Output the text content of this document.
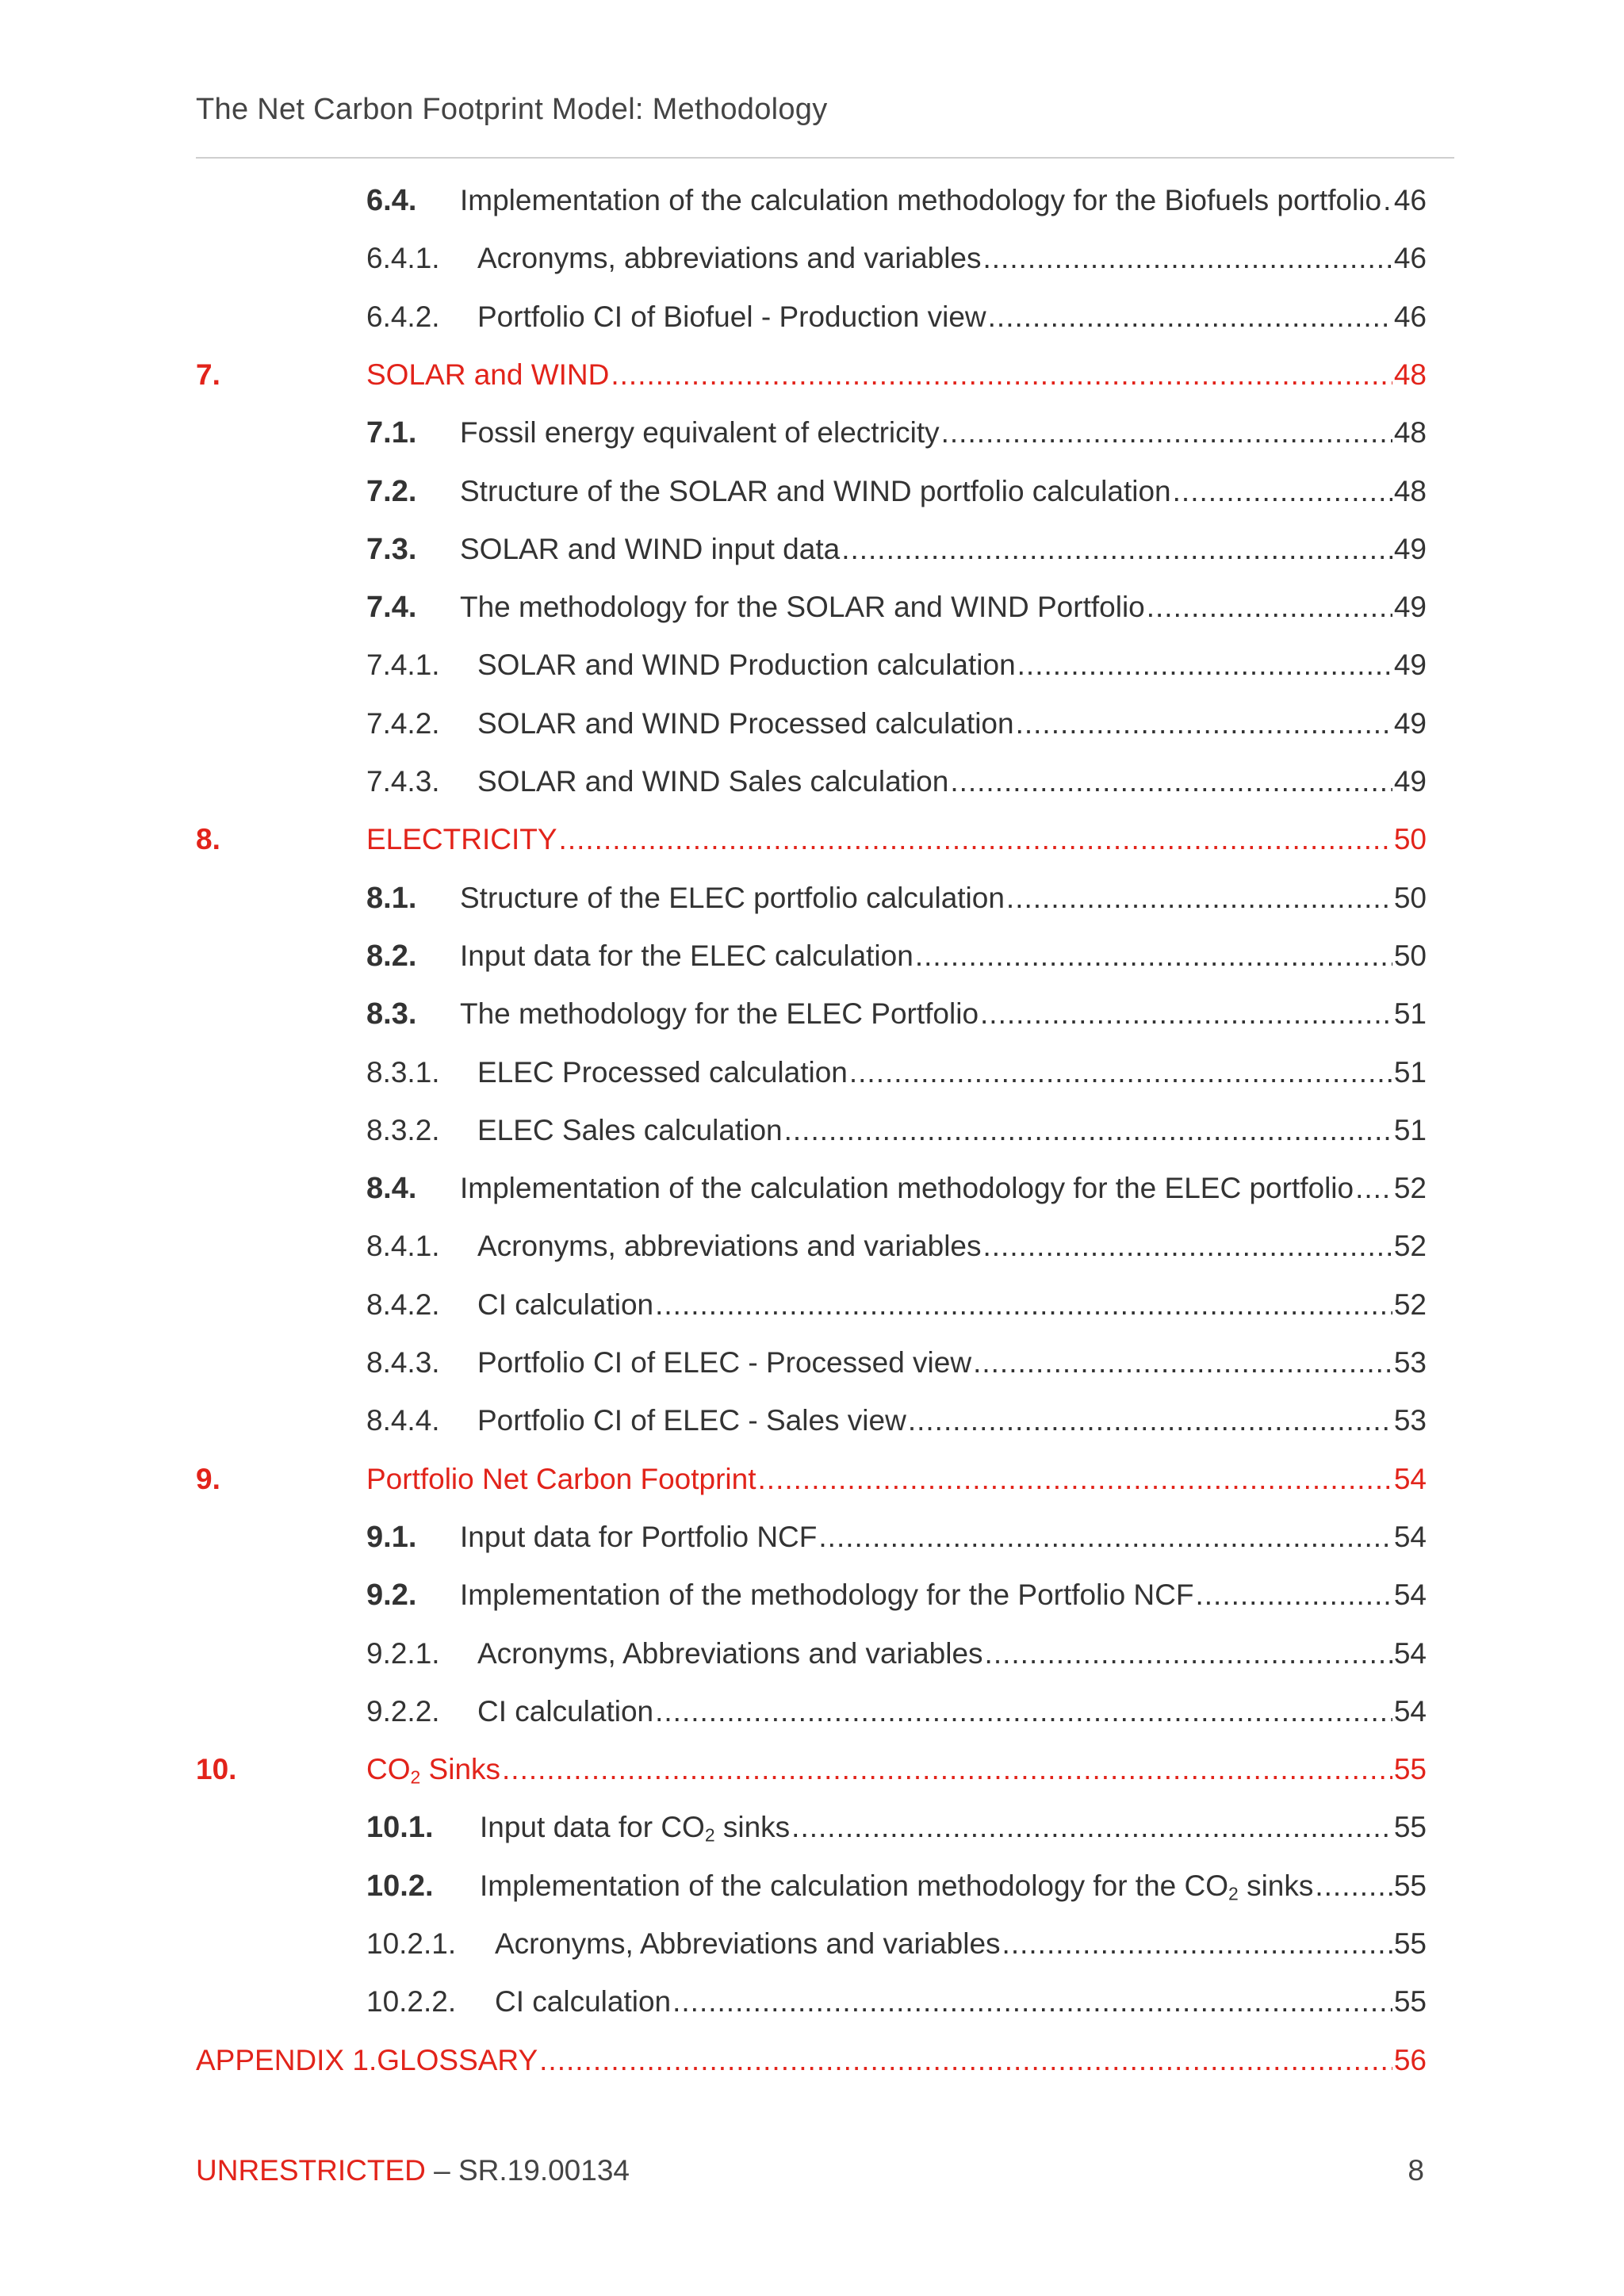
The Net Carbon Footprint Model: Methodology
6.4.	Implementation of the calculation methodology for the Biofuels portfolio ..... 46
6.4.1.	Acronyms, abbreviations and variables .....	46
6.4.2.	Portfolio CI of Biofuel - Production view .....	46
7.	SOLAR and WIND .....	48
7.1.	Fossil energy equivalent of electricity .....	48
7.2.	Structure of the SOLAR and WIND portfolio calculation .....	48
7.3.	SOLAR and WIND input data .....	49
7.4.	The methodology for the SOLAR and WIND Portfolio .....	49
7.4.1.	SOLAR and WIND Production calculation .....	49
7.4.2.	SOLAR and WIND Processed calculation .....	49
7.4.3.	SOLAR and WIND Sales calculation .....	49
8.	ELECTRICITY .....	50
8.1.	Structure of the ELEC portfolio calculation .....	50
8.2.	Input data for the ELEC calculation .....	50
8.3.	The methodology for the ELEC Portfolio .....	51
8.3.1.	ELEC Processed calculation .....	51
8.3.2.	ELEC Sales calculation .....	51
8.4.	Implementation of the calculation methodology for the ELEC portfolio ..... 52
8.4.1.	Acronyms, abbreviations and variables .....	52
8.4.2.	CI calculation .....	52
8.4.3.	Portfolio CI of ELEC - Processed view .....	53
8.4.4.	Portfolio CI of ELEC - Sales view .....	53
9.	Portfolio Net Carbon Footprint .....	54
9.1.	Input data for Portfolio NCF .....	54
9.2.	Implementation of the methodology for the Portfolio NCF .....	54
9.2.1.	Acronyms, Abbreviations and variables .....	54
9.2.2.	CI calculation .....	54
10.	$CO_2$ Sinks .....	55
10.1.	Input data for $CO_2$ sinks .....	55
10.2.	Implementation of the calculation methodology for the $CO_2$ sinks .....	55
10.2.1.	Acronyms, Abbreviations and variables .....	55
10.2.2.	CI calculation .....	55
APPENDIX 1.GLOSSARY .....	56
UNRESTRICTED – SR.19.00134	8
